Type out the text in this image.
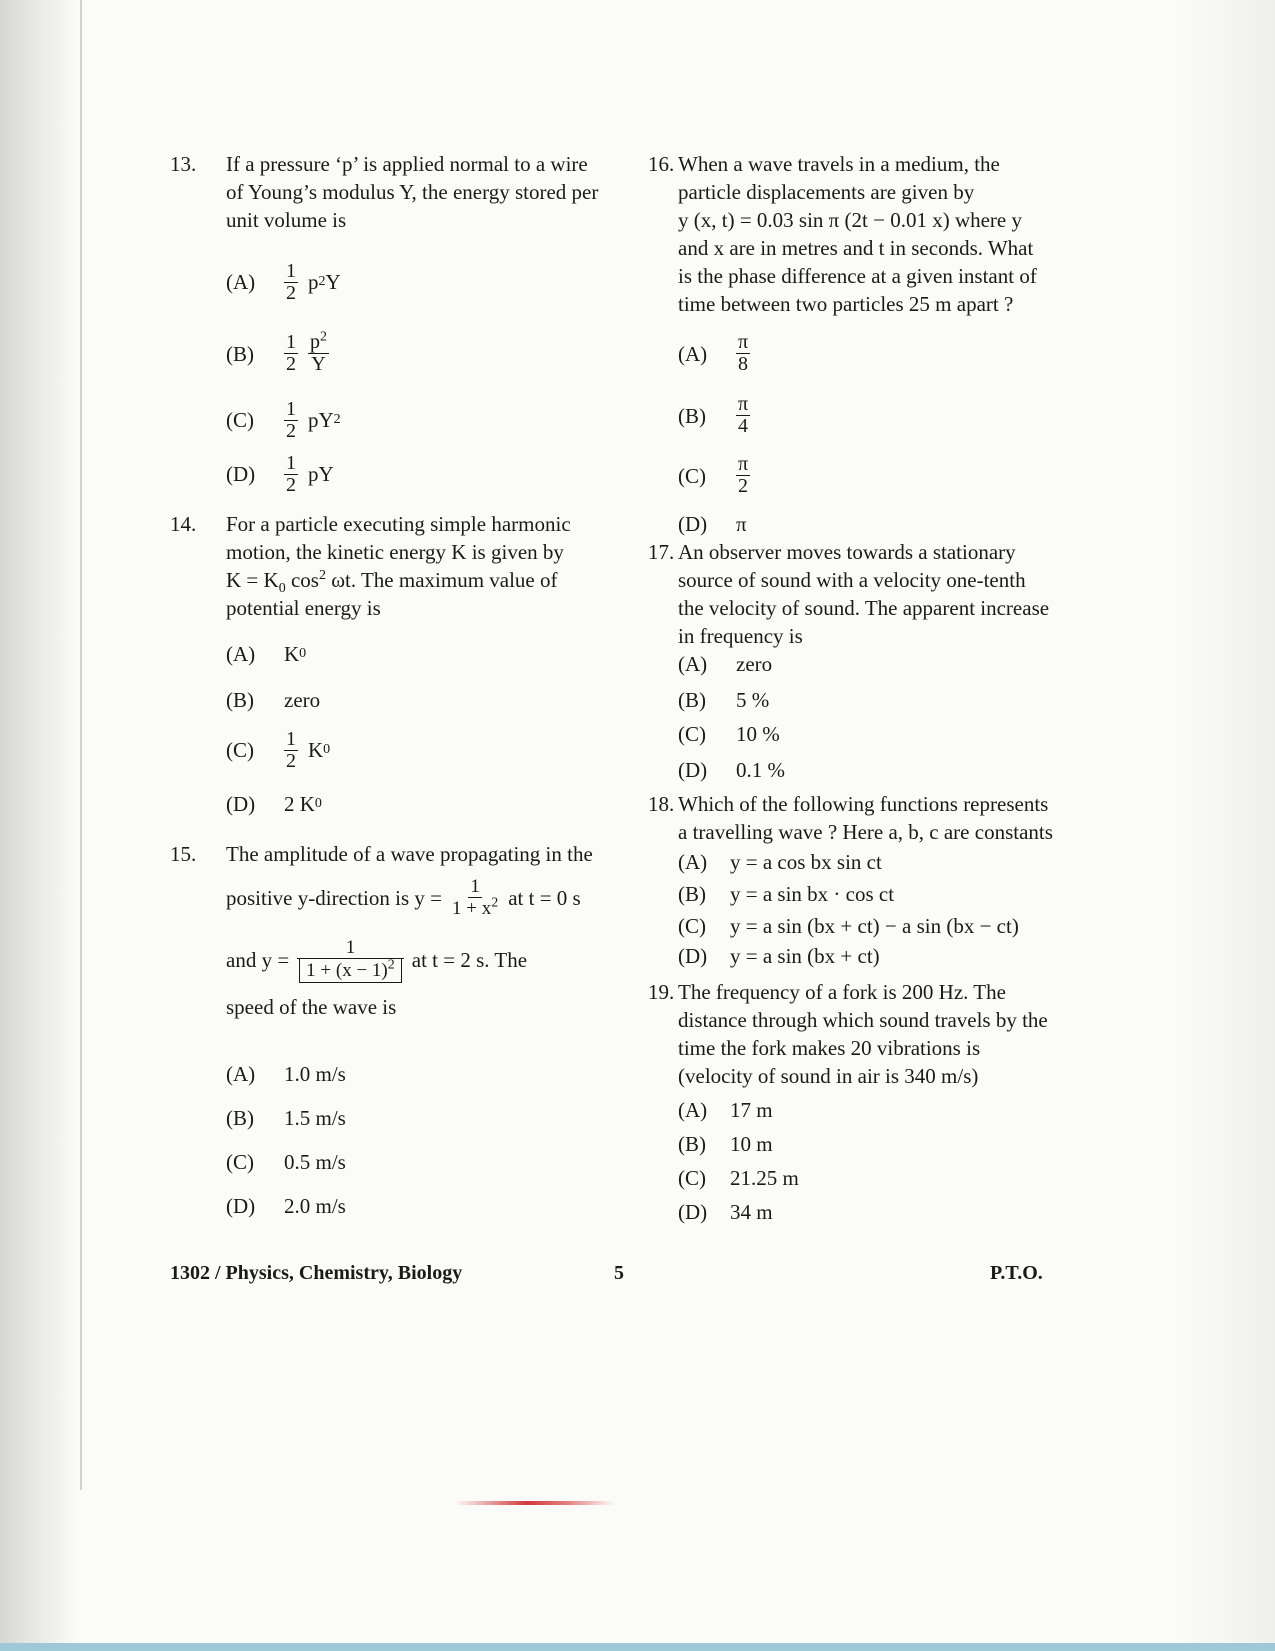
13. If a pressure ‘p’ is applied normal to a wire
of Young’s modulus Y, the energy stored per
unit volume is
$(A) \frac{1}{2}$ p 2 Y
$(B) \frac{1}{2} \frac{p^2}{Y}$
$(C) \frac{1}{2}$ pY 2
$(D) \frac{1}{2}$ pY
14. For a particle executing simple harmonic
motion, the kinetic energy K is given by
$K = K_0$ $\cos^2 \omega t$. The maximum value of
potential energy is
(A) K 0
(B) zero
$(C) \frac{1}{2}$ K 0
(D) 2 K 0
15. The amplitude of a wave propagating in the
positive y-direction is $y = \frac{1}{1 + x^2}$ at t = 0 s
and $y = \frac{1}{1 + (x - 1)^2}$ at t = 2 s. The
speed of the wave is
(A) 1.0 m/s
(B) 1.5 m/s
(C) 0.5 m/s
(D) 2.0 m/s
16. When a wave travels in a medium, the
particle displacements are given by
y (x, t) = 0.03 sin π (2t − 0.01 x) where y
and x are in metres and t in seconds. What
is the phase difference at a given instant of
time between two particles 25 m apart ?
$(A) \frac{\pi}{8}$
$(B) \frac{\pi}{4}$
$(C) \frac{\pi}{2}$
(D) π
17. An observer moves towards a stationary
source of sound with a velocity one-tenth
the velocity of sound. The apparent increase
in frequency is
(A) zero
(B) 5 %
(C) 10 %
(D) 0.1 %
18. Which of the following functions represents
a travelling wave ? Here a, b, c are constants
(A) y = a cos bx sin ct
(B) y = a sin bx · cos ct
(C) y = a sin (bx + ct) − a sin (bx − ct)
(D) y = a sin (bx + ct)
19. The frequency of a fork is 200 Hz. The
distance through which sound travels by the
time the fork makes 20 vibrations is
(velocity of sound in air is 340 m/s)
(A) 17 m
(B) 10 m
(C) 21.25 m
(D) 34 m
1302 / Physics, Chemistry, Biology	5	P.T.O.
